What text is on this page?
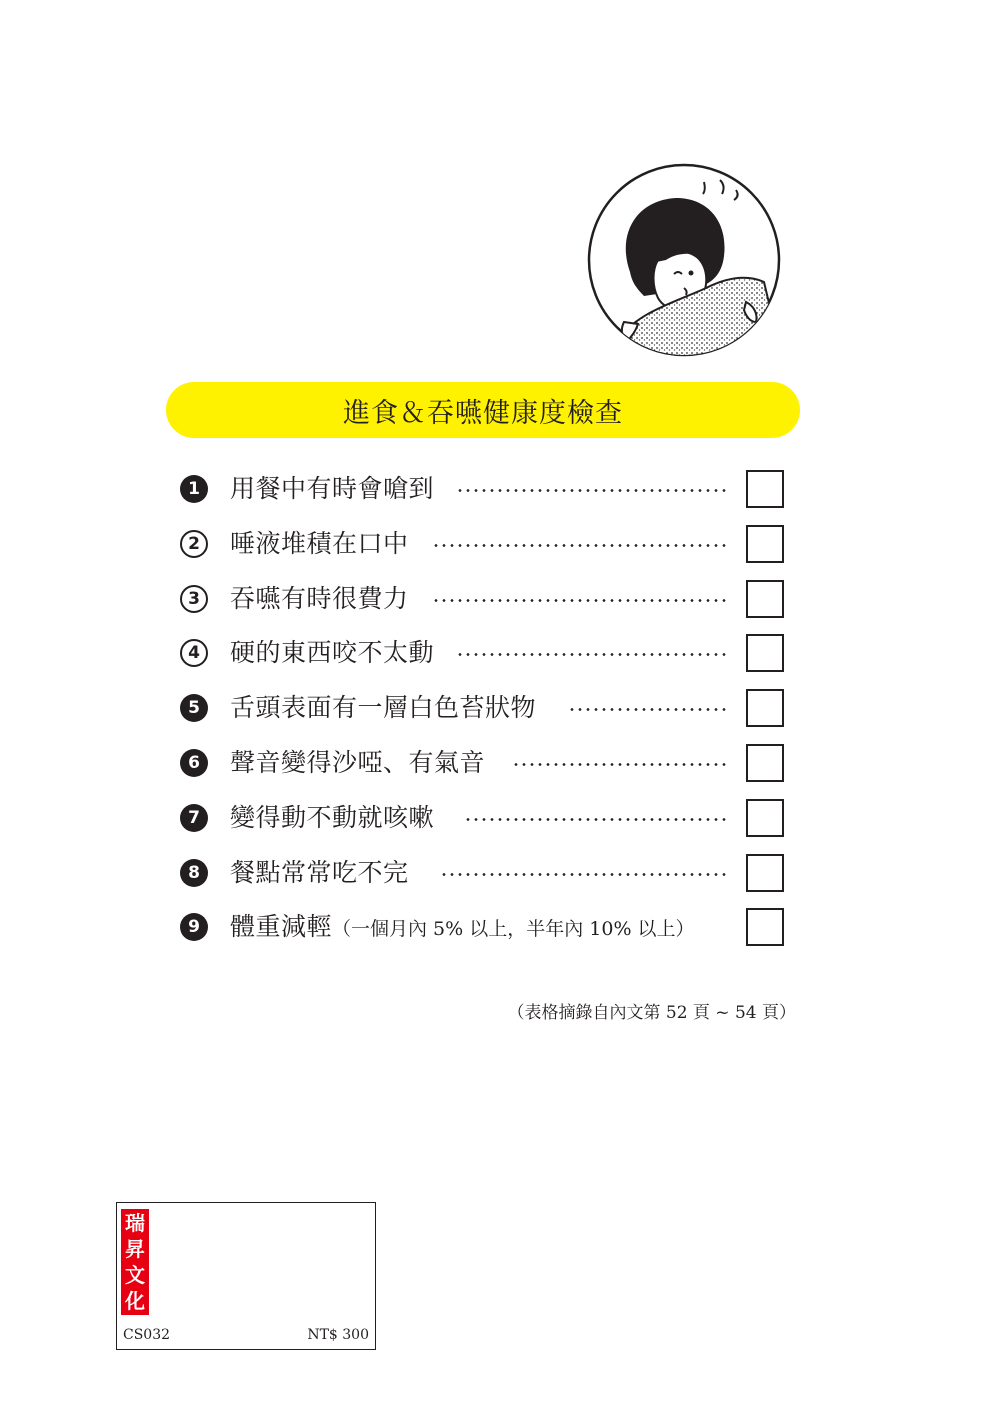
進食＆吞嚥健康度檢查
1	用餐中有時會嗆到
2	唾液堆積在口中
3	吞嚥有時很費力
4	硬的東西咬不太動
5	舌頭表面有一層白色苔狀物
6	聲音變得沙啞、有氣音
7	變得動不動就咳嗽
8	餐點常常吃不完
9	體重減輕（一個月內 5% 以上，半年內 10% 以上）
（表格摘錄自內文第 52 頁 ~ 54 頁）
瑞
昇
文
化
CS032	NT$ 300
